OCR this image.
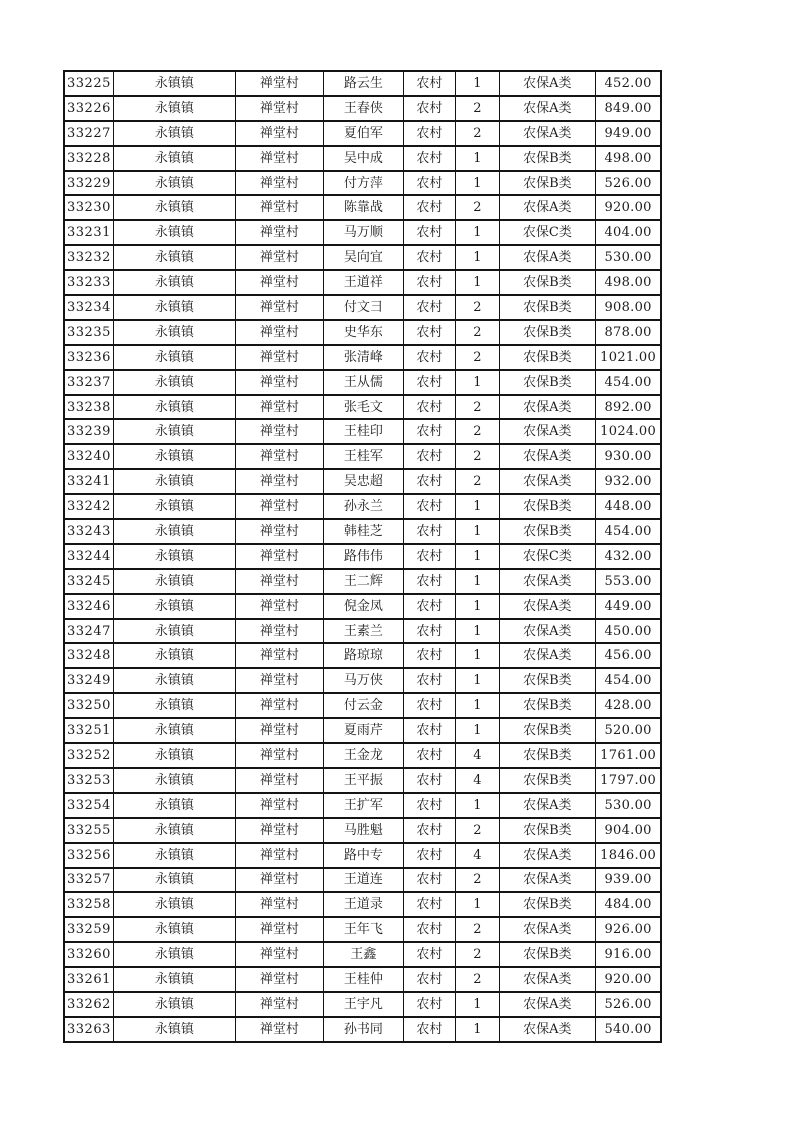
33225	永镇镇	禅堂村	路云生	农村	1	农保A类	452.00
33226	永镇镇	禅堂村	王春侠	农村	2	农保A类	849.00
33227	永镇镇	禅堂村	夏伯军	农村	2	农保A类	949.00
33228	永镇镇	禅堂村	吴中成	农村	1	农保B类	498.00
33229	永镇镇	禅堂村	付方萍	农村	1	农保B类	526.00
33230	永镇镇	禅堂村	陈靠战	农村	2	农保A类	920.00
33231	永镇镇	禅堂村	马万顺	农村	1	农保C类	404.00
33232	永镇镇	禅堂村	吴向宜	农村	1	农保A类	530.00
33233	永镇镇	禅堂村	王道祥	农村	1	农保B类	498.00
33234	永镇镇	禅堂村	付文彐	农村	2	农保B类	908.00
33235	永镇镇	禅堂村	史华东	农村	2	农保B类	878.00
33236	永镇镇	禅堂村	张清峰	农村	2	农保B类	1021.00
33237	永镇镇	禅堂村	王从儒	农村	1	农保B类	454.00
33238	永镇镇	禅堂村	张毛文	农村	2	农保A类	892.00
33239	永镇镇	禅堂村	王桂印	农村	2	农保A类	1024.00
33240	永镇镇	禅堂村	王桂军	农村	2	农保A类	930.00
33241	永镇镇	禅堂村	吴忠超	农村	2	农保A类	932.00
33242	永镇镇	禅堂村	孙永兰	农村	1	农保B类	448.00
33243	永镇镇	禅堂村	韩桂芝	农村	1	农保B类	454.00
33244	永镇镇	禅堂村	路伟伟	农村	1	农保C类	432.00
33245	永镇镇	禅堂村	王二辉	农村	1	农保A类	553.00
33246	永镇镇	禅堂村	倪金凤	农村	1	农保A类	449.00
33247	永镇镇	禅堂村	王素兰	农村	1	农保A类	450.00
33248	永镇镇	禅堂村	路琼琼	农村	1	农保A类	456.00
33249	永镇镇	禅堂村	马万侠	农村	1	农保B类	454.00
33250	永镇镇	禅堂村	付云金	农村	1	农保B类	428.00
33251	永镇镇	禅堂村	夏雨芹	农村	1	农保B类	520.00
33252	永镇镇	禅堂村	王金龙	农村	4	农保B类	1761.00
33253	永镇镇	禅堂村	王平振	农村	4	农保B类	1797.00
33254	永镇镇	禅堂村	王扩军	农村	1	农保A类	530.00
33255	永镇镇	禅堂村	马胜魁	农村	2	农保B类	904.00
33256	永镇镇	禅堂村	路中专	农村	4	农保A类	1846.00
33257	永镇镇	禅堂村	王道连	农村	2	农保A类	939.00
33258	永镇镇	禅堂村	王道录	农村	1	农保B类	484.00
33259	永镇镇	禅堂村	王年飞	农村	2	农保A类	926.00
33260	永镇镇	禅堂村	王鑫	农村	2	农保B类	916.00
33261	永镇镇	禅堂村	王桂仲	农村	2	农保A类	920.00
33262	永镇镇	禅堂村	王宇凡	农村	1	农保A类	526.00
33263	永镇镇	禅堂村	孙书同	农村	1	农保A类	540.00
